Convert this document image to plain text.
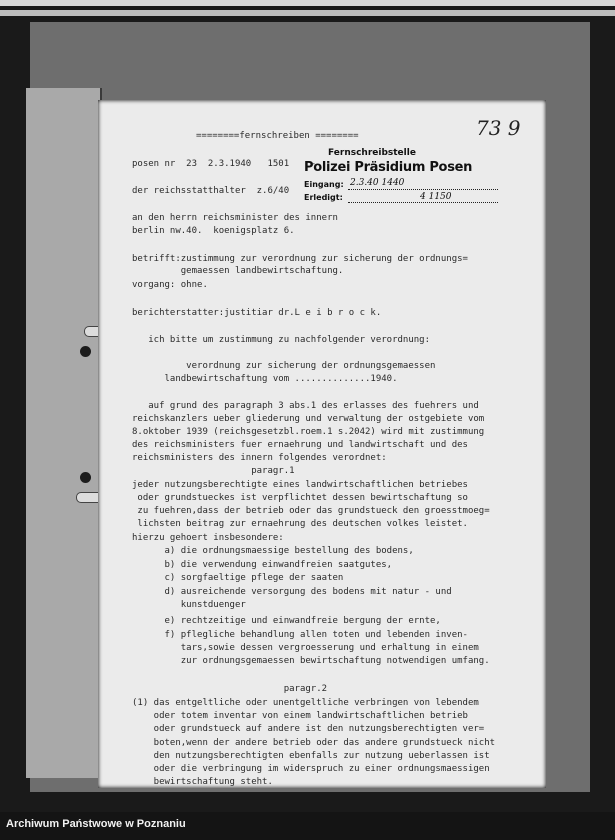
73 9
Fernschreibstelle
Polizei Präsidium Posen
Eingang: 2.3.40 1440
Erledigt:	4 1150
========fernschreiben ========
posen nr  23  2.3.1940   1501    -
der reichsstatthalter  z.6/40
an den herrn reichsminister des innern
berlin nw.40.  koenigsplatz 6.
betrifft:zustimmung zur verordnung zur sicherung der ordnungs=
gemaessen landbewirtschaftung.
vorgang: ohne.
berichterstatter:justitiar dr.L e i b r o c k.
ich bitte um zustimmung zu nachfolgender verordnung:
verordnung zur sicherung der ordnungsgemaessen
landbewirtschaftung vom ..............1940.
auf grund des paragraph 3 abs.1 des erlasses des fuehrers und
reichskanzlers ueber gliederung und verwaltung der ostgebiete vom
8.oktober 1939 (reichsgesetzbl.roem.1 s.2042) wird mit zustimmung
des reichsministers fuer ernaehrung und landwirtschaft und des
reichsministers des innern folgendes verordnet:
paragr.1
jeder nutzungsberechtigte eines landwirtschaftlichen betriebes
oder grundstueckes ist verpflichtet dessen bewirtschaftung so
zu fuehren,dass der betrieb oder das grundstueck den groesstmoeg=
lichsten beitrag zur ernaehrung des deutschen volkes leistet.
hierzu gehoert insbesondere:
a) die ordnungsmaessige bestellung des bodens,
b) die verwendung einwandfreien saatgutes,
c) sorgfaeltige pflege der saaten
d) ausreichende versorgung des bodens mit natur - und
kunstduenger
e) rechtzeitige und einwandfreie bergung der ernte,
f) pflegliche behandlung allen toten und lebenden inven-
tars,sowie dessen vergroesserung und erhaltung in einem
zur ordnungsgemaessen bewirtschaftung notwendigen umfang.
paragr.2
(1) das entgeltliche oder unentgeltliche verbringen von lebendem
oder totem inventar von einem landwirtschaftlichen betrieb
oder grundstueck auf andere ist den nutzungsberechtigten ver=
boten,wenn der andere betrieb oder das andere grundstueck nicht
den nutzungsberechtigten ebenfalls zur nutzung ueberlassen ist
oder die verbringung im widerspruch zu einer ordnungsmaessigen
bewirtschaftung steht.
Archiwum Państwowe w Poznaniu
